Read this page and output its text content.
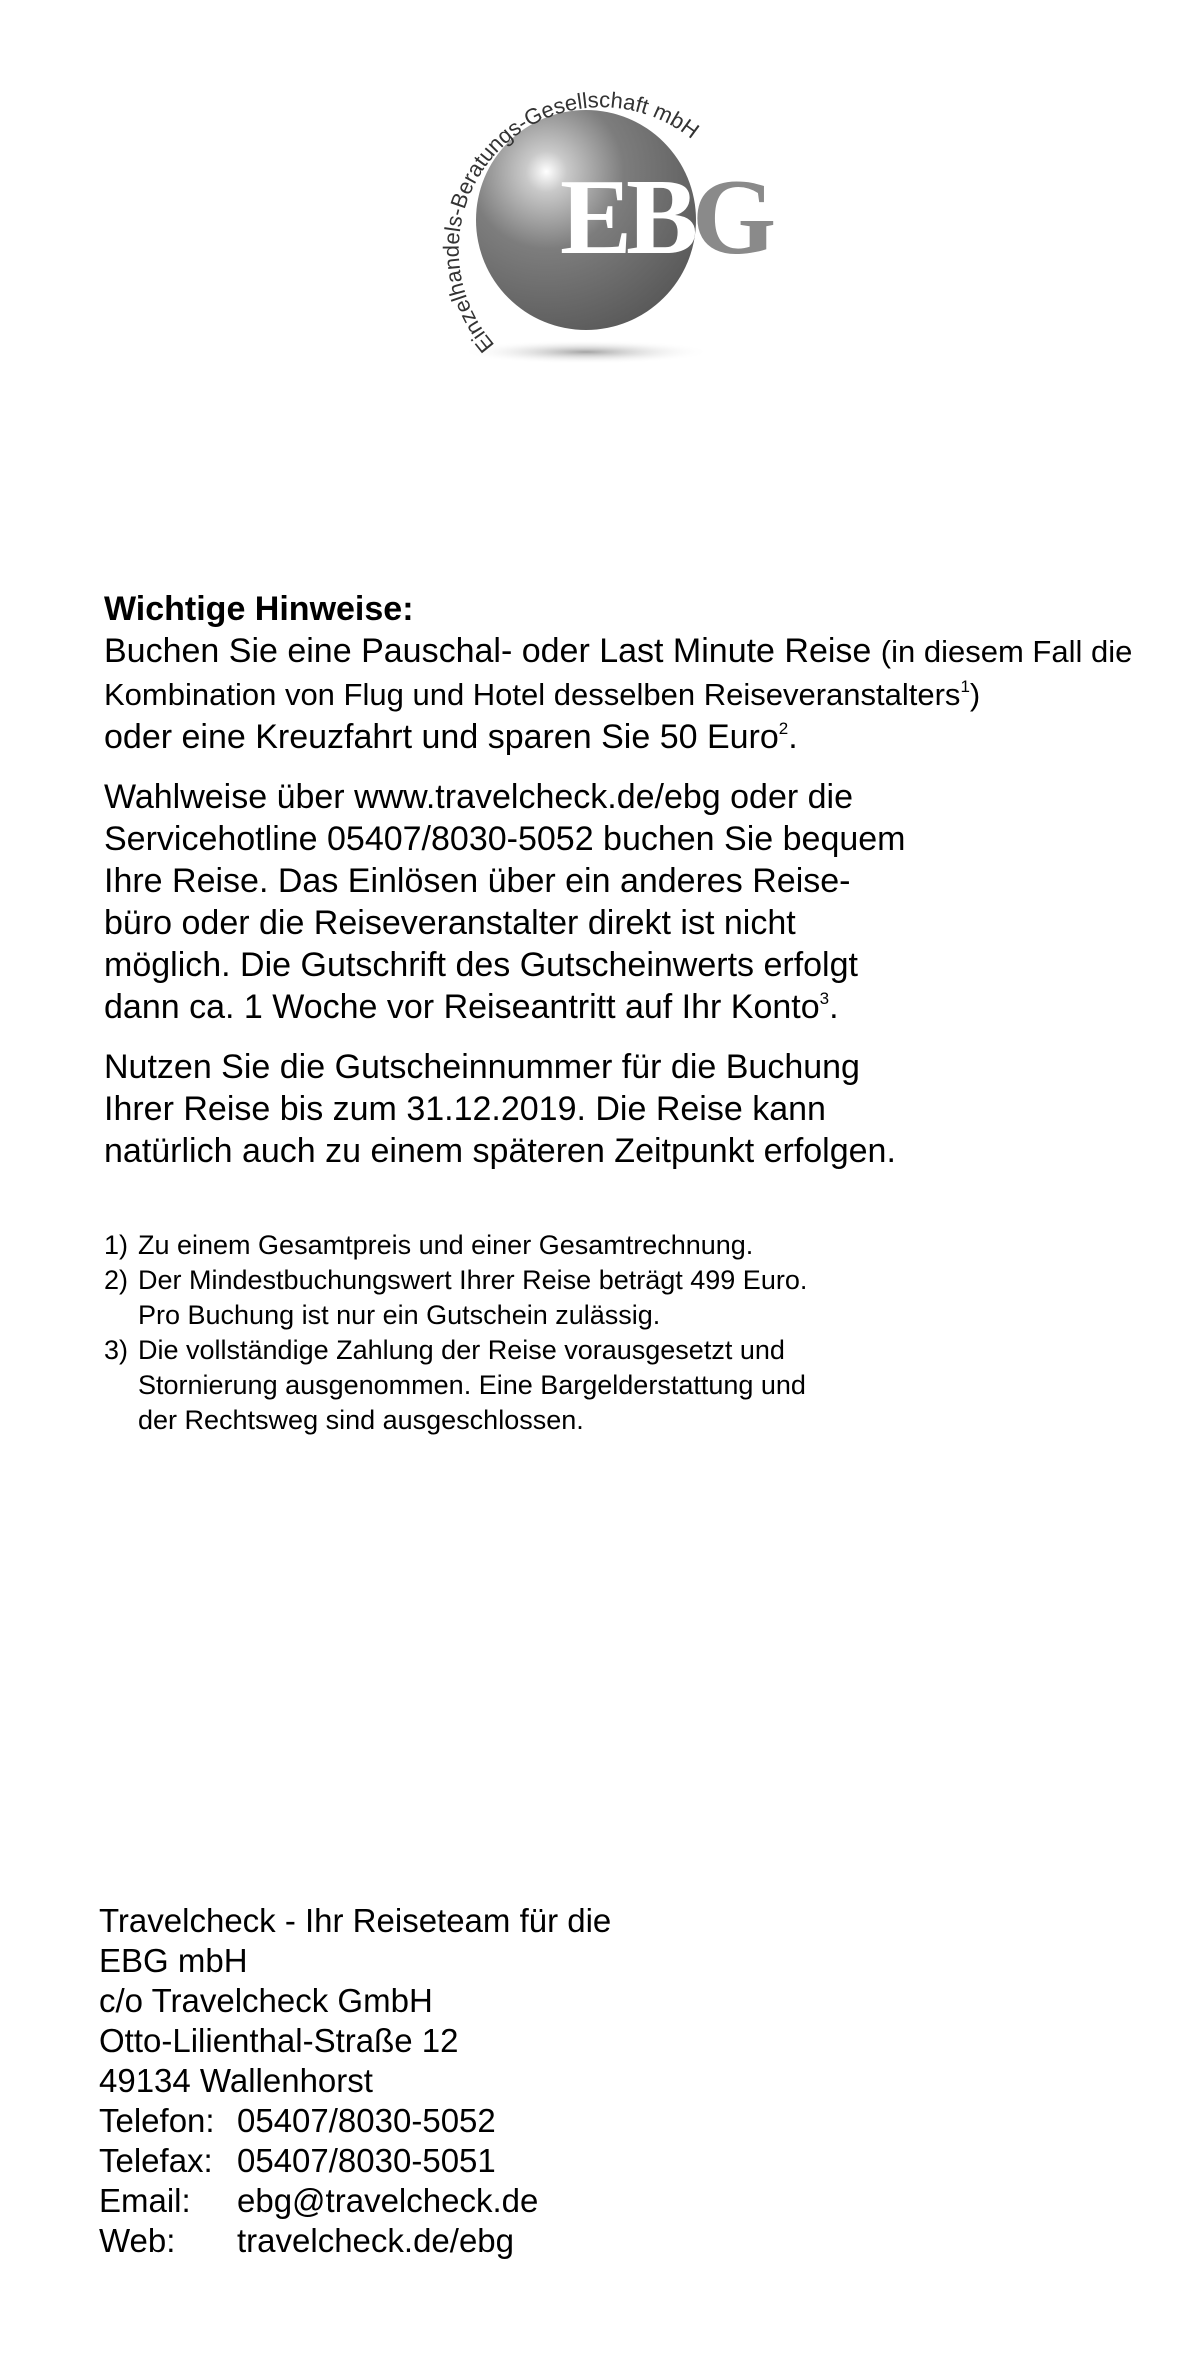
Einzelhandels-Beratungs-Gesellschaft mbH
EBG

Wichtige Hinweise:

Buchen Sie eine Pauschal- oder Last Minute Reise (in diesem Fall die Kombination von Flug und Hotel desselben Reiseveranstalters$^1$)
oder eine Kreuzfahrt und sparen Sie 50 Euro$^2$.

Wahlweise über www.travelcheck.de/ebg oder die
Servicehotline 05407/8030-5052 buchen Sie bequem
Ihre Reise. Das Einlösen über ein anderes Reise-
büro oder die Reiseveranstalter direkt ist nicht
möglich. Die Gutschrift des Gutscheinwerts erfolgt
dann ca. 1 Woche vor Reiseantritt auf Ihr Konto$^3$.

Nutzen Sie die Gutscheinnummer für die Buchung
Ihrer Reise bis zum 31.12.2019. Die Reise kann
natürlich auch zu einem späteren Zeitpunkt erfolgen.

1) Zu einem Gesamtpreis und einer Gesamtrechnung.
2) Der Mindestbuchungswert Ihrer Reise beträgt 499 Euro.
Pro Buchung ist nur ein Gutschein zulässig.
3) Die vollständige Zahlung der Reise vorausgesetzt und
Stornierung ausgenommen. Eine Bargelderstattung und
der Rechtsweg sind ausgeschlossen.
Travelcheck - Ihr Reiseteam für die
EBG mbH
c/o Travelcheck GmbH
Otto-Lilienthal-Straße 12
49134 Wallenhorst
Telefon: 05407/8030-5052
Telefax: 05407/8030-5051
Email:	ebg@travelcheck.de
Web:	travelcheck.de/ebg
